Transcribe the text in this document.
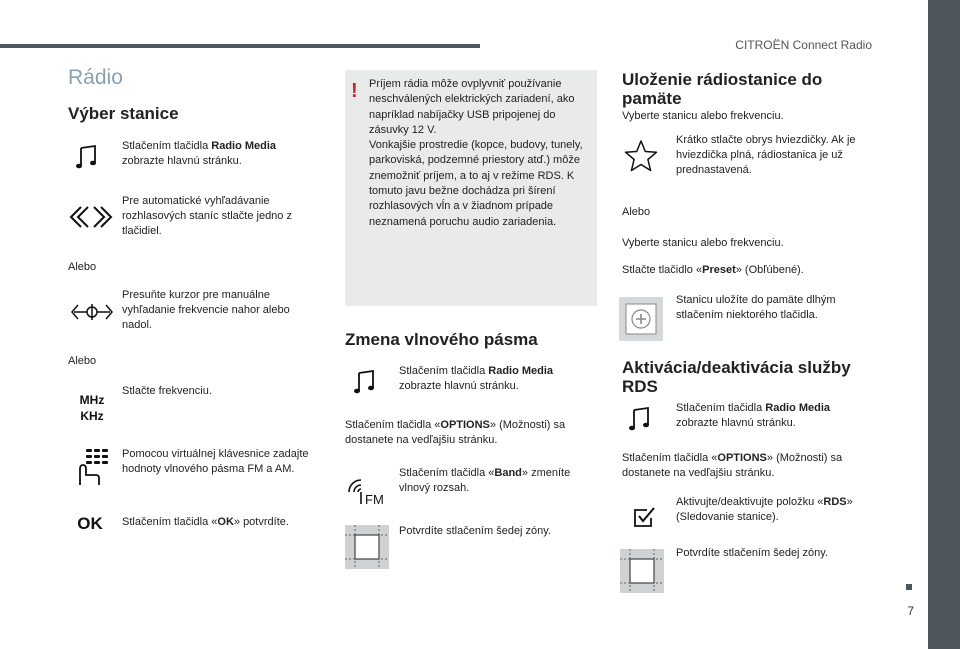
CITROËN Connect Radio
7
Rádio
Výber stanice
Stlačením tlačidla Radio Media zobrazte hlavnú stránku.
Pre automatické vyhľadávanie rozhlasových staníc stlačte jedno z tlačidiel.
Alebo
Presuňte kurzor pre manuálne vyhľadanie frekvencie nahor alebo nadol.
Alebo
MHz
KHz
Stlačte frekvenciu.
Pomocou virtuálnej klávesnice zadajte hodnoty vlnového pásma FM a AM.
OK	Stlačením tlačidla «OK» potvrdíte.
! Príjem rádia môže ovplyvniť používanie neschválených elektrických zariadení, ako napríklad nabíjačky USB pripojenej do zásuvky 12 V.
Vonkajšie prostredie (kopce, budovy, tunely, parkoviská, podzemné priestory atď.) môže znemožniť príjem, a to aj v režime RDS. K tomuto javu bežne dochádza pri šírení rozhlasových vĺn a v žiadnom prípade neznamená poruchu audio zariadenia.
Zmena vlnového pásma
Stlačením tlačidla Radio Media zobrazte hlavnú stránku.
Stlačením tlačidla «OPTIONS» (Možnosti) sa dostanete na vedľajšiu stránku.
FM
Stlačením tlačidla «Band» zmeníte vlnový rozsah.
Potvrdíte stlačením šedej zóny.
Uloženie rádiostanice do pamäte
Vyberte stanicu alebo frekvenciu.
Krátko stlačte obrys hviezdičky. Ak je hviezdička plná, rádiostanica je už prednastavená.
Alebo
Vyberte stanicu alebo frekvenciu.
Stlačte tlačidlo «Preset» (Obľúbené).
Stanicu uložíte do pamäte dlhým stlačením niektorého tlačidla.
Aktivácia/deaktivácia služby RDS
Stlačením tlačidla Radio Media zobrazte hlavnú stránku.
Stlačením tlačidla «OPTIONS» (Možnosti) sa dostanete na vedľajšiu stránku.
Aktivujte/deaktivujte položku «RDS» (Sledovanie stanice).
Potvrdíte stlačením šedej zóny.
